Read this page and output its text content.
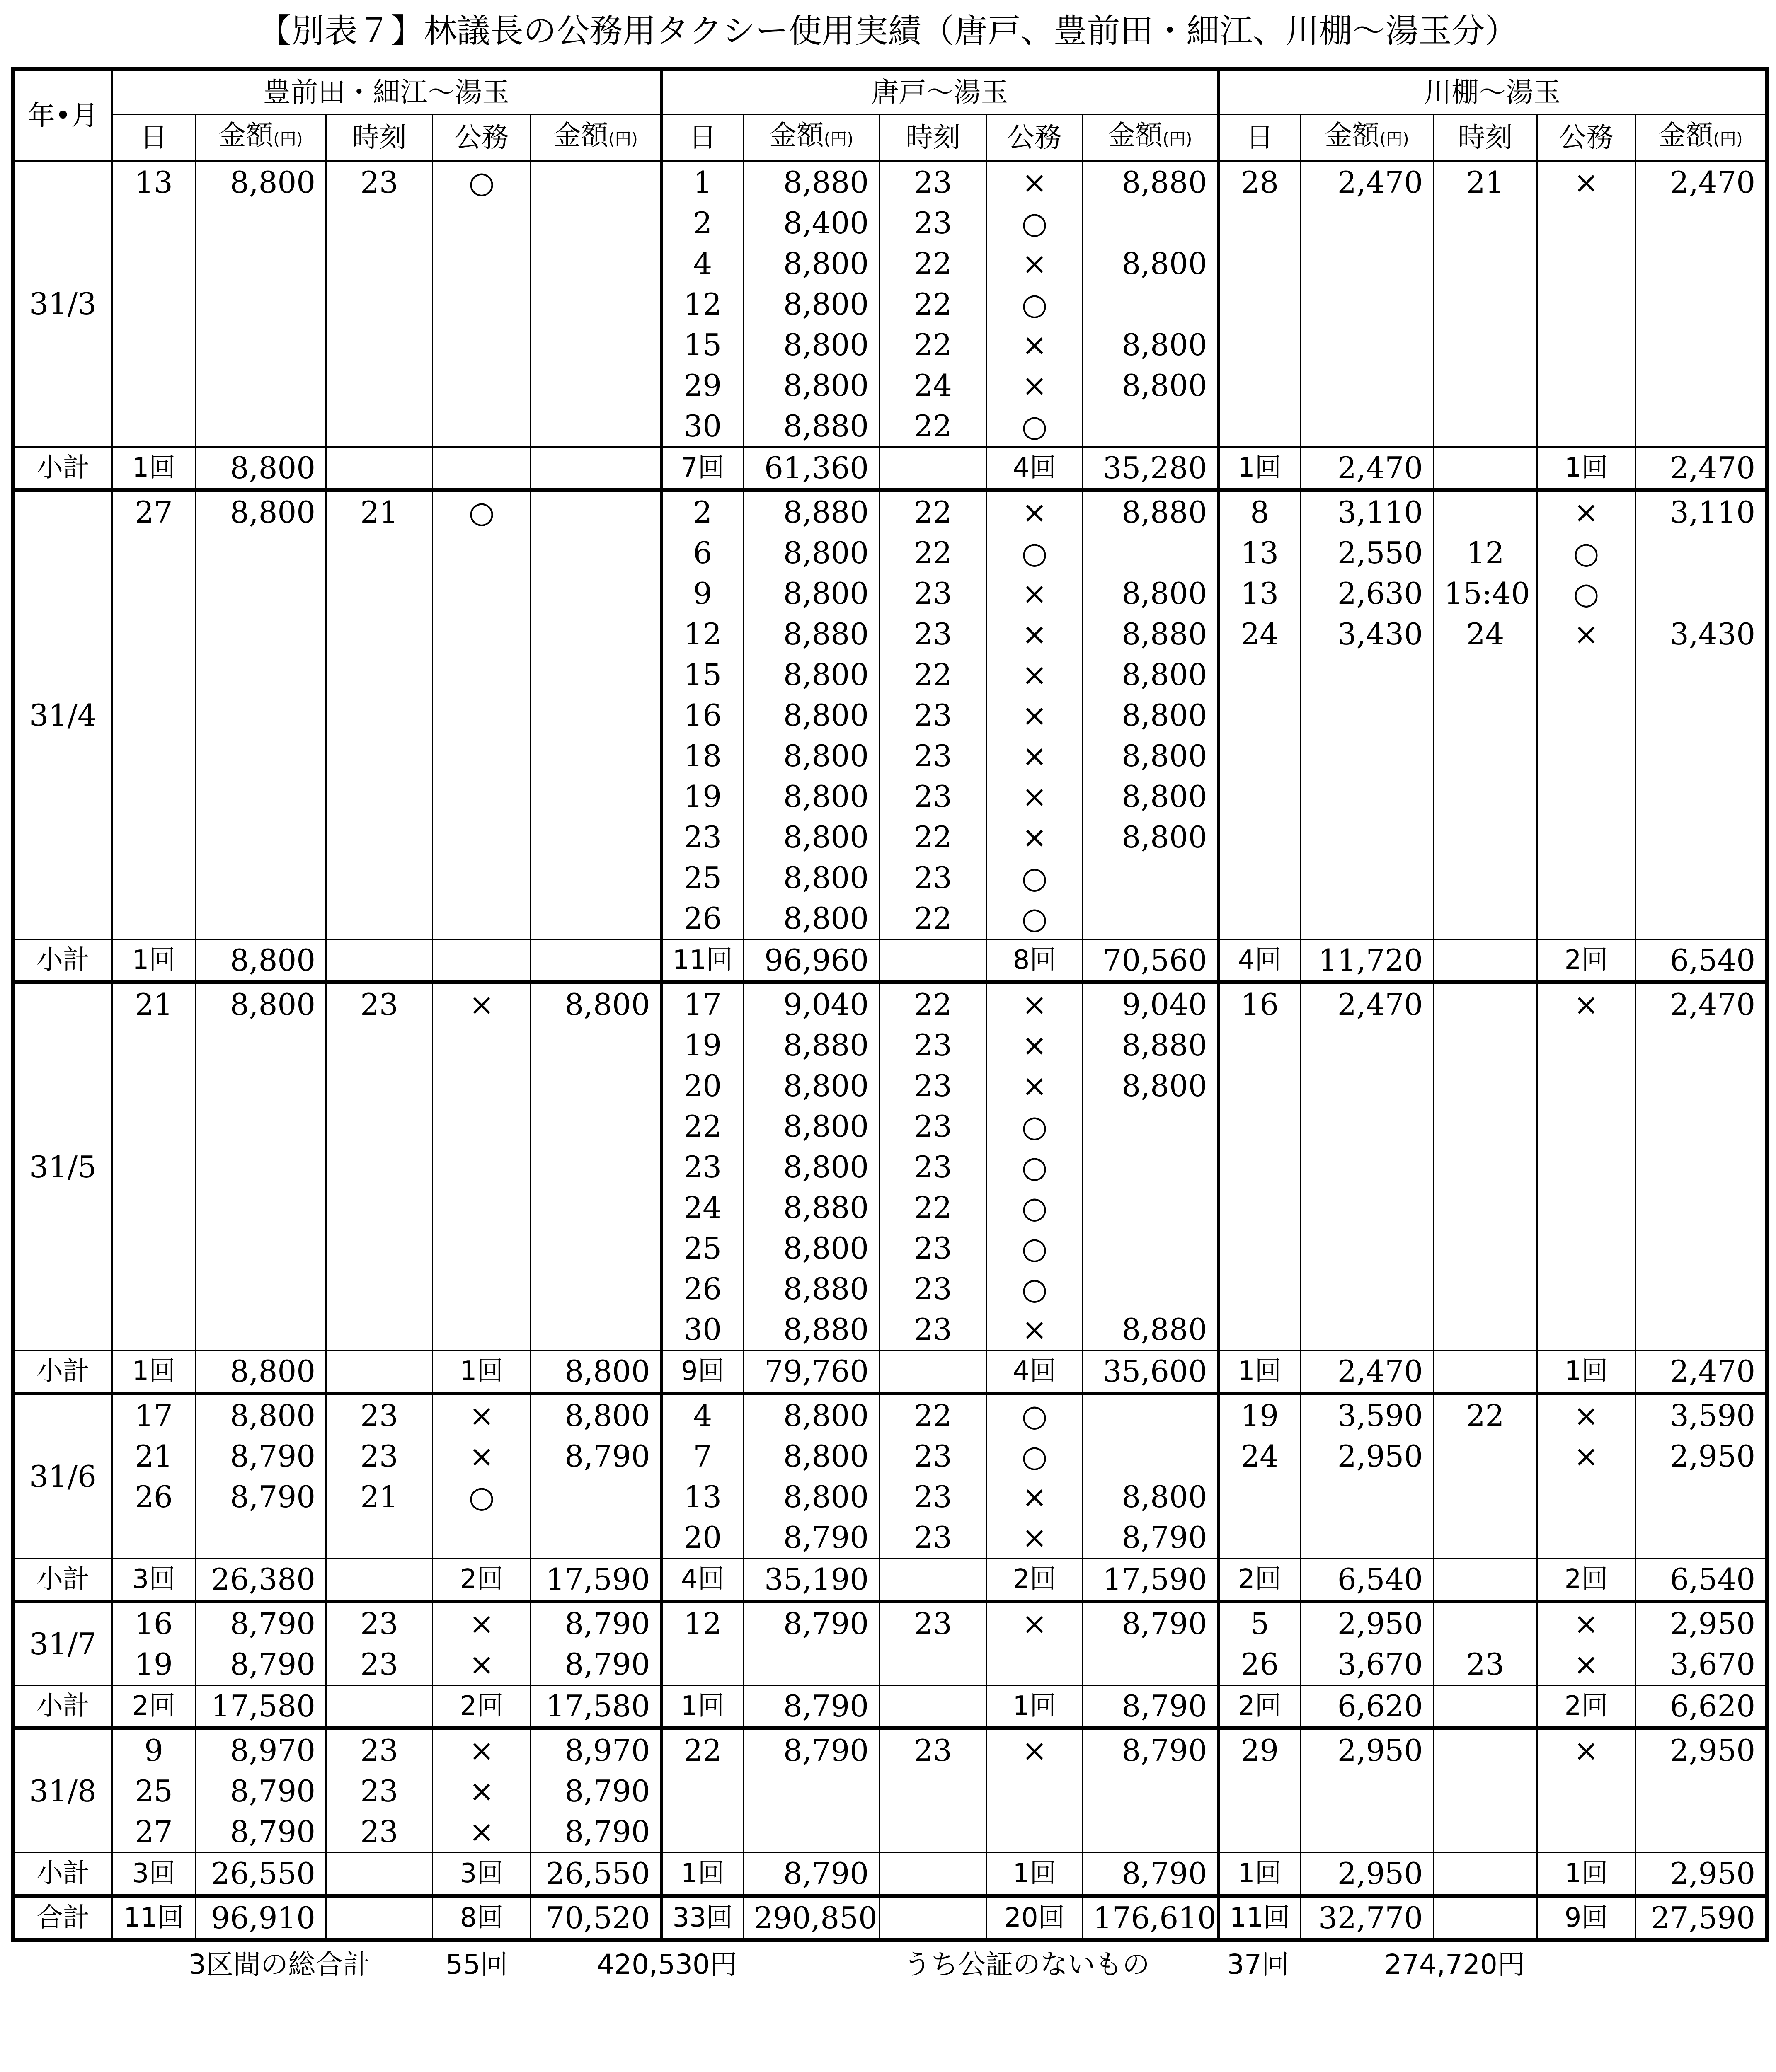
【別表７】林議長の公務用タクシー使用実績（唐戸、豊前田・細江、川棚～湯玉分）
年•月	豊前田・細江～湯玉					唐戸～湯玉					川棚～湯玉				
	日	金額(円)	時刻	公務	金額(円)	日	金額(円)	時刻	公務	金額(円)	日	金額(円)	時刻	公務	金額(円)
31/3	13	8,800	23	○		1	8,880	23	×	8,880	28	2,470	21	×	2,470
						2	8,400	23	○						
						4	8,800	22	×	8,800					
						12	8,800	22	○						
						15	8,800	22	×	8,800					
						29	8,800	24	×	8,800					
						30	8,880	22	○						
小計	1回	8,800				7回	61,360		4回	35,280	1回	2,470		1回	2,470
31/4	27	8,800	21	○		2	8,880	22	×	8,880	8	3,110		×	3,110
						6	8,800	22	○		13	2,550	12	○	
						9	8,800	23	×	8,800	13	2,630	15:40	○	
						12	8,880	23	×	8,880	24	3,430	24	×	3,430
						15	8,800	22	×	8,800					
						16	8,800	23	×	8,800					
						18	8,800	23	×	8,800					
						19	8,800	23	×	8,800					
						23	8,800	22	×	8,800					
						25	8,800	23	○						
						26	8,800	22	○						
小計	1回	8,800				11回	96,960		8回	70,560	4回	11,720		2回	6,540
31/5	21	8,800	23	×	8,800	17	9,040	22	×	9,040	16	2,470		×	2,470
						19	8,880	23	×	8,880					
						20	8,800	23	×	8,800					
						22	8,800	23	○						
						23	8,800	23	○						
						24	8,880	22	○						
						25	8,800	23	○						
						26	8,880	23	○						
						30	8,880	23	×	8,880					
小計	1回	8,800		1回	8,800	9回	79,760		4回	35,600	1回	2,470		1回	2,470
31/6	17	8,800	23	×	8,800	4	8,800	22	○		19	3,590	22	×	3,590
	21	8,790	23	×	8,790	7	8,800	23	○		24	2,950		×	2,950
	26	8,790	21	○		13	8,800	23	×	8,800					
						20	8,790	23	×	8,790					
小計	3回	26,380		2回	17,590	4回	35,190		2回	17,590	2回	6,540		2回	6,540
31/7	16	8,790	23	×	8,790	12	8,790	23	×	8,790	5	2,950		×	2,950
	19	8,790	23	×	8,790						26	3,670	23	×	3,670
小計	2回	17,580		2回	17,580	1回	8,790		1回	8,790	2回	6,620		2回	6,620
31/8	9	8,970	23	×	8,970	22	8,790	23	×	8,790	29	2,950		×	2,950
	25	8,790	23	×	8,790										
	27	8,790	23	×	8,790										
小計	3回	26,550		3回	26,550	1回	8,790		1回	8,790	1回	2,950		1回	2,950
合計	11回	96,910		8回	70,520	33回	290,850		20回	176,610	11回	32,770		9回	27,590
3区間の総合計	55回	420,530円	うち公証のないもの	37回	274,720円
